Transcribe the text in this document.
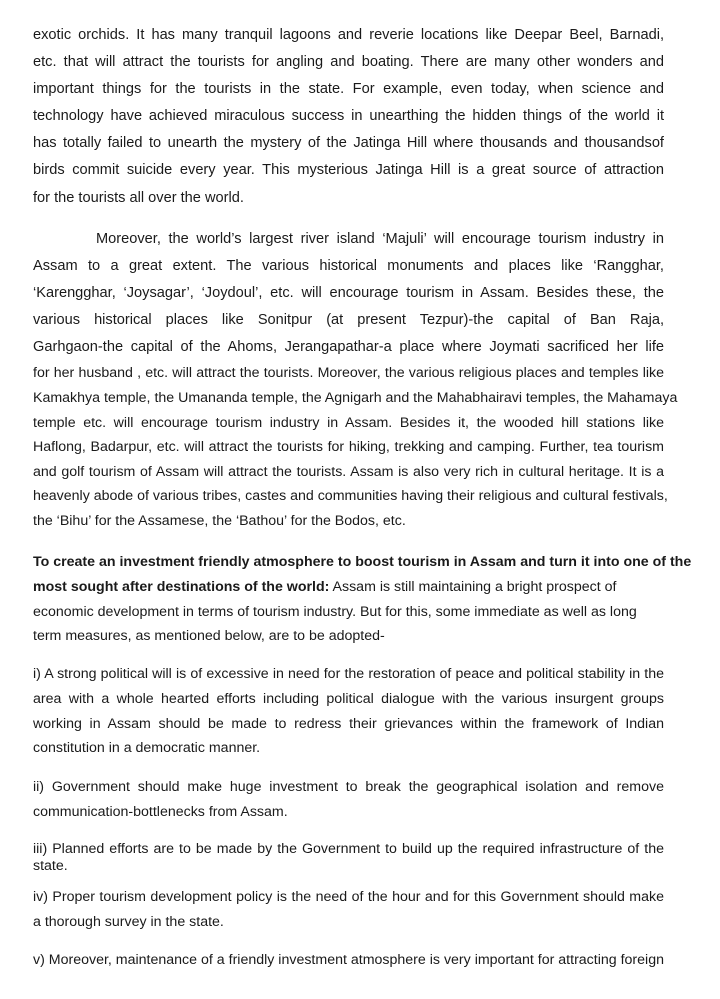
exotic orchids. It has many tranquil lagoons and reverie locations like Deepar Beel, Barnadi,
etc. that will attract the tourists for angling and boating. There are many other wonders and
important things for the tourists in the state. For example, even today, when science and
technology have achieved miraculous success in unearthing the hidden things of the world it
has totally failed to unearth the mystery of the Jatinga Hill where thousands and thousandsof
birds commit suicide every year. This mysterious Jatinga Hill is a great source of attraction
for the tourists all over the world.

Moreover, the world’s largest river island ‘Majuli’ will encourage tourism industry in
Assam to a great extent. The various historical monuments and places like ‘Rangghar,
‘Karengghar, ‘Joysagar’, ‘Joydoul’, etc. will encourage tourism in Assam. Besides these, the
various historical places like Sonitpur (at present Tezpur)-the capital of Ban Raja,
Garhgaon-the capital of the Ahoms, Jerangapathar-a place where Joymati sacrificed her life
for her husband , etc. will attract the tourists. Moreover, the various religious places and temples like
Kamakhya temple, the Umananda temple, the Agnigarh and the Mahabhairavi temples, the Mahamaya
temple etc. will encourage tourism industry in Assam. Besides it, the wooded hill stations like
Haflong, Badarpur, etc. will attract the tourists for hiking, trekking and camping. Further, tea tourism
and golf tourism of Assam will attract the tourists. Assam is also very rich in cultural heritage. It is a
heavenly abode of various tribes, castes and communities having their religious and cultural festivals,
the ‘Bihu’ for the Assamese, the ‘Bathou’ for the Bodos, etc.

To create an investment friendly atmosphere to boost tourism in Assam and turn it into one of the
most sought after destinations of the world: Assam is still maintaining a bright prospect of
economic development in terms of tourism industry. But for this, some immediate as well as long
term measures, as mentioned below, are to be adopted-

i) A strong political will is of excessive in need for the restoration of peace and political stability in the
area with a whole hearted efforts including political dialogue with the various insurgent groups
working in Assam should be made to redress their grievances within the framework of Indian
constitution in a democratic manner.

ii) Government should make huge investment to break the geographical isolation and remove
communication-bottlenecks from Assam.

iii) Planned efforts are to be made by the Government to build up the required infrastructure of the
state.

iv) Proper tourism development policy is the need of the hour and for this Government should make
a thorough survey in the state.

v) Moreover, maintenance of a friendly investment atmosphere is very important for attracting foreign
